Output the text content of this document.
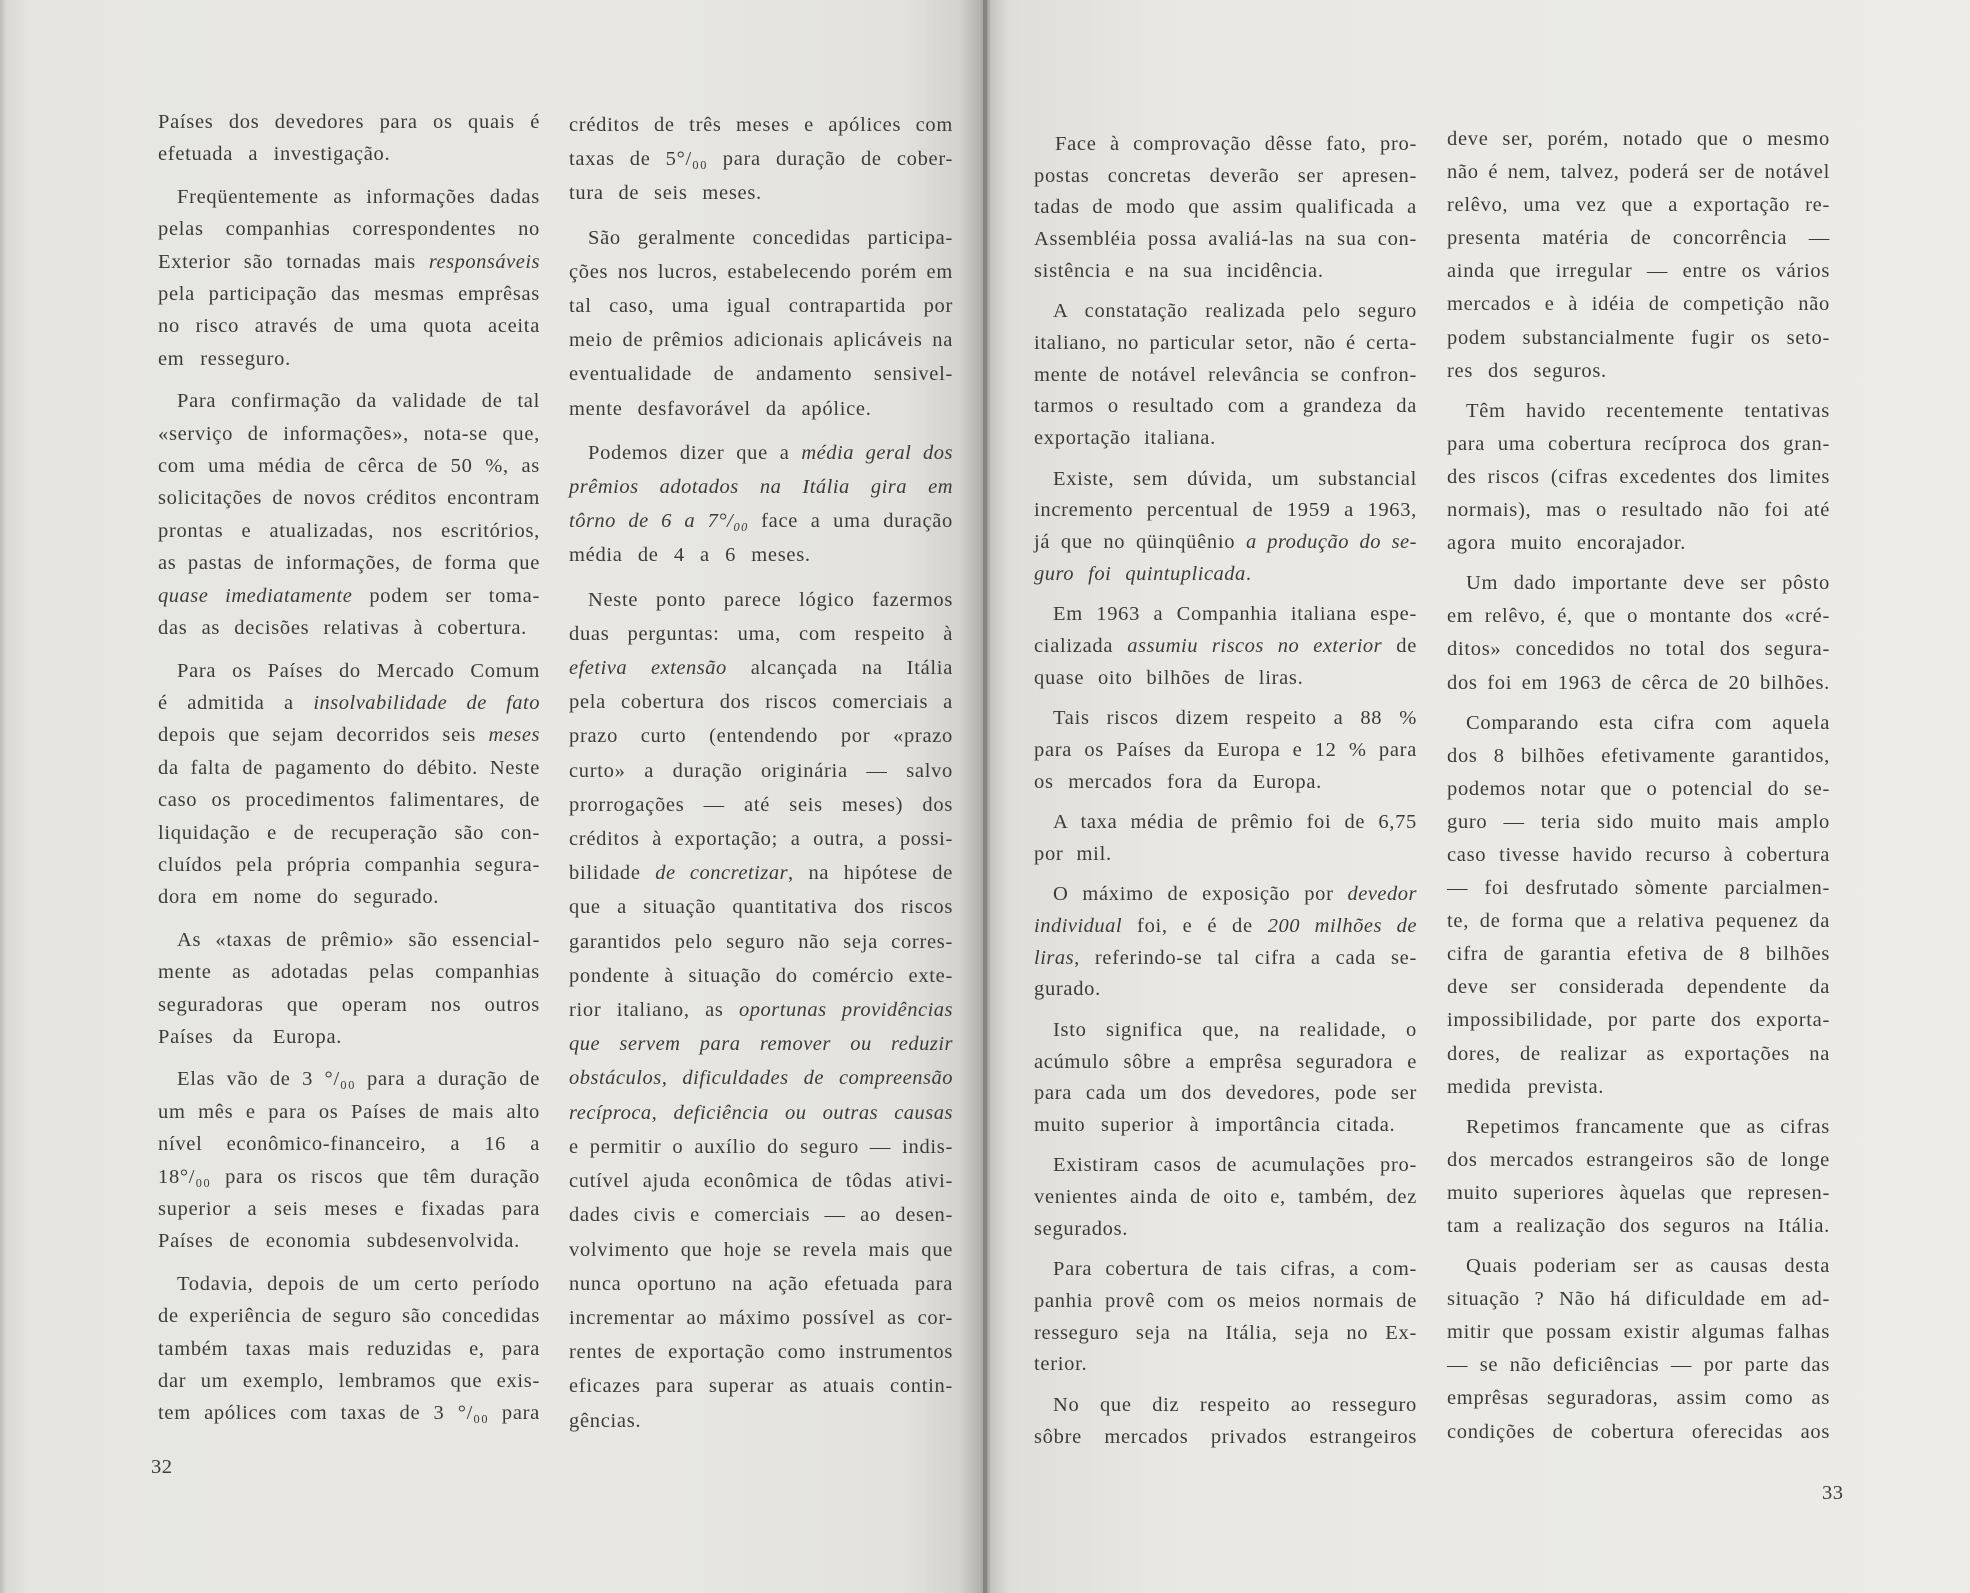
Países dos devedores para os quais é
efetuada a investigação.
Freqüentemente as informações dadas
pelas companhias correspondentes no
Exterior são tornadas mais responsáveis
pela participação das mesmas emprêsas
no risco através de uma quota aceita
em resseguro.
Para confirmação da validade de tal
«serviço de informações», nota-se que,
com uma média de cêrca de 50 %, as
solicitações de novos créditos encontram
prontas e atualizadas, nos escritórios,
as pastas de informações, de forma que
quase imediatamente podem ser toma-
das as decisões relativas à cobertura.
Para os Países do Mercado Comum
é admitida a insolvabilidade de fato
depois que sejam decorridos seis meses
da falta de pagamento do débito. Neste
caso os procedimentos falimentares, de
liquidação e de recuperação são con-
cluídos pela própria companhia segura-
dora em nome do segurado.
As «taxas de prêmio» são essencial-
mente as adotadas pelas companhias
seguradoras que operam nos outros
Países da Europa.
Elas vão de 3 °/₀₀ para a duração de
um mês e para os Países de mais alto
nível econômico-financeiro, a 16 a
18°/₀₀ para os riscos que têm duração
superior a seis meses e fixadas para
Países de economia subdesenvolvida.
Todavia, depois de um certo período
de experiência de seguro são concedidas
também taxas mais reduzidas e, para
dar um exemplo, lembramos que exis-
tem apólices com taxas de 3 °/₀₀ para
créditos de três meses e apólices com
taxas de 5°/₀₀ para duração de cober-
tura de seis meses.
São geralmente concedidas participa-
ções nos lucros, estabelecendo porém em
tal caso, uma igual contrapartida por
meio de prêmios adicionais aplicáveis na
eventualidade de andamento sensivel-
mente desfavorável da apólice.
Podemos dizer que a média geral dos
prêmios adotados na Itália gira em
tôrno de 6 a 7°/₀₀ face a uma duração
média de 4 a 6 meses.
Neste ponto parece lógico fazermos
duas perguntas: uma, com respeito à
efetiva extensão alcançada na Itália
pela cobertura dos riscos comerciais a
prazo curto (entendendo por «prazo
curto» a duração originária — salvo
prorrogações — até seis meses) dos
créditos à exportação; a outra, a possi-
bilidade de concretizar, na hipótese de
que a situação quantitativa dos riscos
garantidos pelo seguro não seja corres-
pondente à situação do comércio exte-
rior italiano, as oportunas providências
que servem para remover ou reduzir
obstáculos, dificuldades de compreensão
recíproca, deficiência ou outras causas
e permitir o auxílio do seguro — indis-
cutível ajuda econômica de tôdas ativi-
dades civis e comerciais — ao desen-
volvimento que hoje se revela mais que
nunca oportuno na ação efetuada para
incrementar ao máximo possível as cor-
rentes de exportação como instrumentos
eficazes para superar as atuais contin-
gências.
32
Face à comprovação dêsse fato, pro-
postas concretas deverão ser apresen-
tadas de modo que assim qualificada a
Assembléia possa avaliá-las na sua con-
sistência e na sua incidência.
A constatação realizada pelo seguro
italiano, no particular setor, não é certa-
mente de notável relevância se confron-
tarmos o resultado com a grandeza da
exportação italiana.
Existe, sem dúvida, um substancial
incremento percentual de 1959 a 1963,
já que no qüinqüênio a produção do se-
guro foi quintuplicada.
Em 1963 a Companhia italiana espe-
cializada assumiu riscos no exterior de
quase oito bilhões de liras.
Tais riscos dizem respeito a 88 %
para os Países da Europa e 12 % para
os mercados fora da Europa.
A taxa média de prêmio foi de 6,75
por mil.
O máximo de exposição por devedor
individual foi, e é de 200 milhões de
liras, referindo-se tal cifra a cada se-
gurado.
Isto significa que, na realidade, o
acúmulo sôbre a emprêsa seguradora e
para cada um dos devedores, pode ser
muito superior à importância citada.
Existiram casos de acumulações pro-
venientes ainda de oito e, também, dez
segurados.
Para cobertura de tais cifras, a com-
panhia provê com os meios normais de
resseguro seja na Itália, seja no Ex-
terior.
No que diz respeito ao resseguro
sôbre mercados privados estrangeiros
deve ser, porém, notado que o mesmo
não é nem, talvez, poderá ser de notável
relêvo, uma vez que a exportação re-
presenta matéria de concorrência —
ainda que irregular — entre os vários
mercados e à idéia de competição não
podem substancialmente fugir os seto-
res dos seguros.
Têm havido recentemente tentativas
para uma cobertura recíproca dos gran-
des riscos (cifras excedentes dos limites
normais), mas o resultado não foi até
agora muito encorajador.
Um dado importante deve ser pôsto
em relêvo, é, que o montante dos «cré-
ditos» concedidos no total dos segura-
dos foi em 1963 de cêrca de 20 bilhões.
Comparando esta cifra com aquela
dos 8 bilhões efetivamente garantidos,
podemos notar que o potencial do se-
guro — teria sido muito mais amplo
caso tivesse havido recurso à cobertura
— foi desfrutado sòmente parcialmen-
te, de forma que a relativa pequenez da
cifra de garantia efetiva de 8 bilhões
deve ser considerada dependente da
impossibilidade, por parte dos exporta-
dores, de realizar as exportações na
medida prevista.
Repetimos francamente que as cifras
dos mercados estrangeiros são de longe
muito superiores àquelas que represen-
tam a realização dos seguros na Itália.
Quais poderiam ser as causas desta
situação ? Não há dificuldade em ad-
mitir que possam existir algumas falhas
— se não deficiências — por parte das
emprêsas seguradoras, assim como as
condições de cobertura oferecidas aos
33
